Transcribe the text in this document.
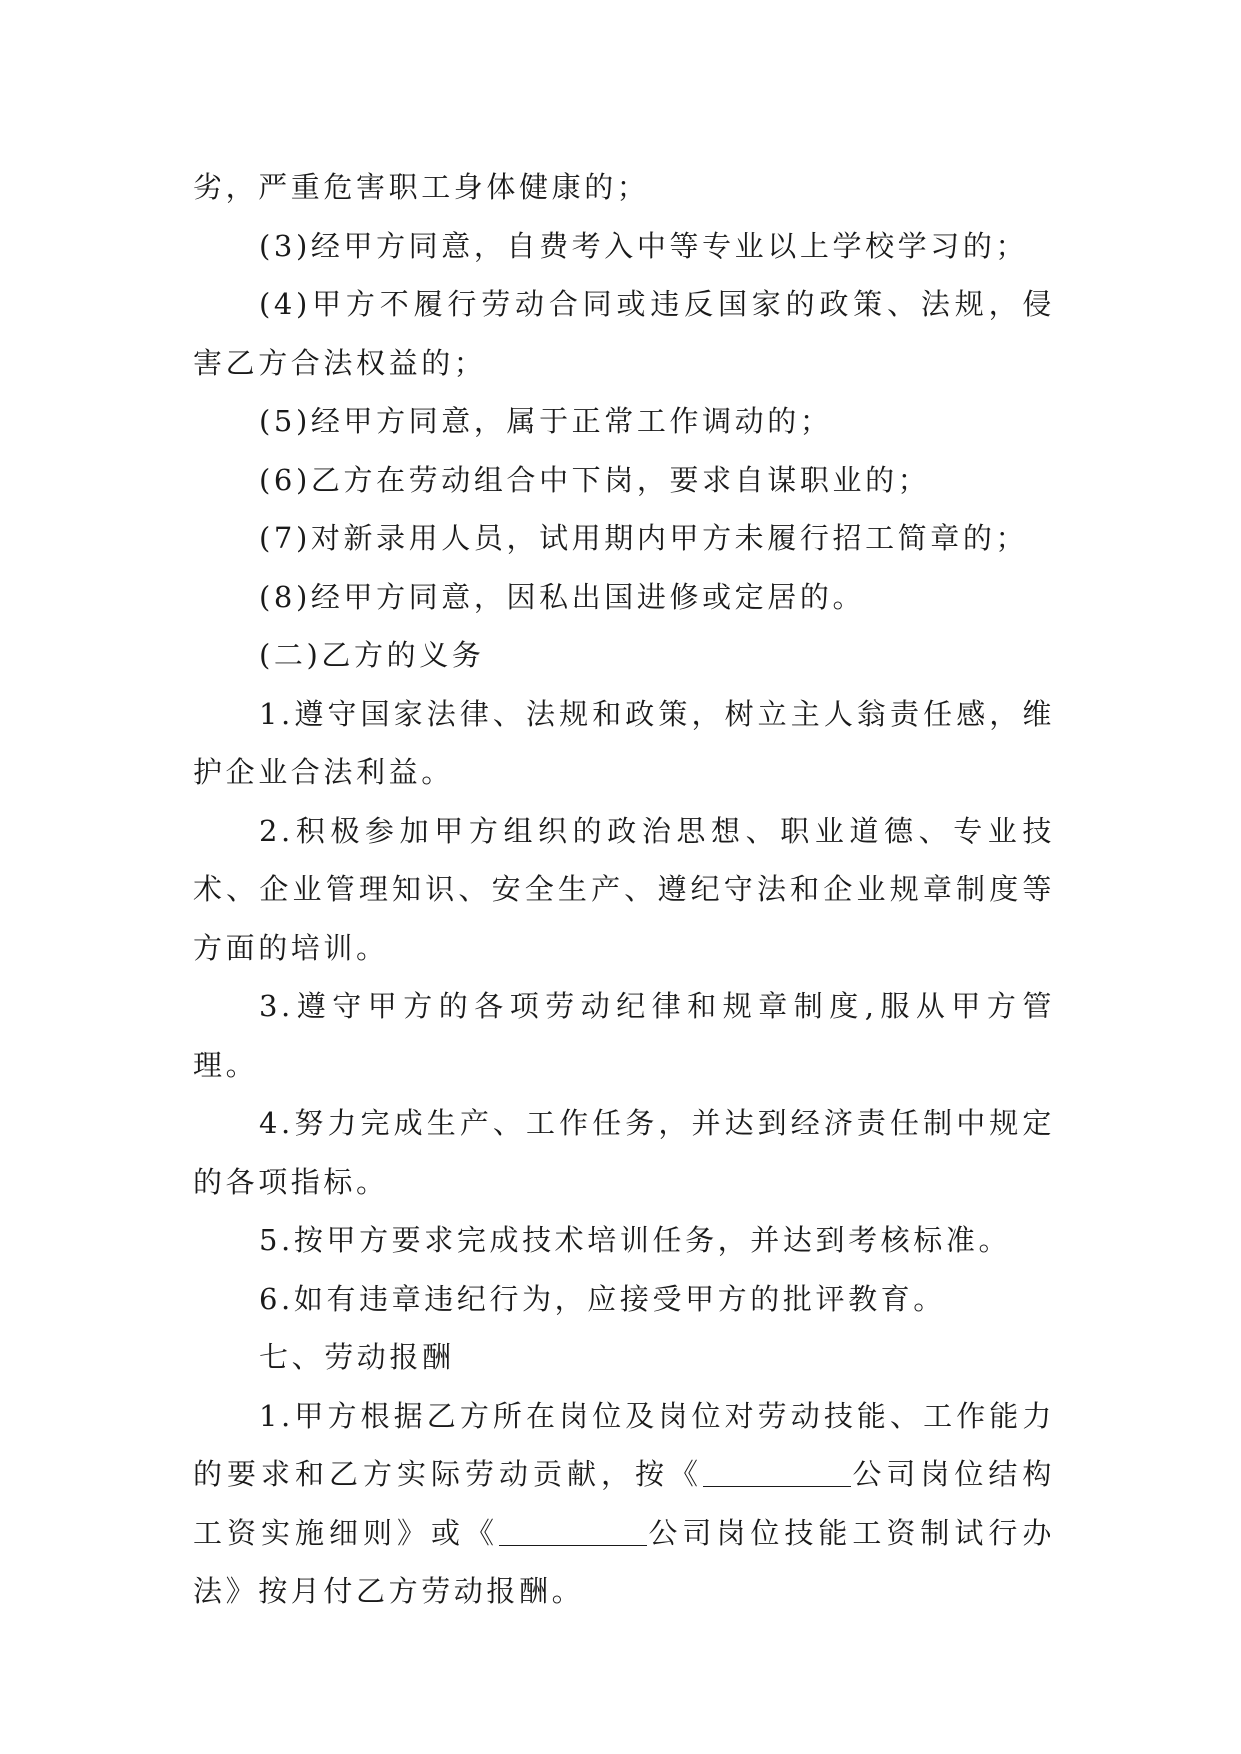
劣，严重危害职工身体健康的；

(3)经甲方同意，自费考入中等专业以上学校学习的；

(4)甲方不履行劳动合同或违反国家的政策、法规，侵害乙方合法权益的；

(5)经甲方同意，属于正常工作调动的；

(6)乙方在劳动组合中下岗，要求自谋职业的；

(7)对新录用人员，试用期内甲方未履行招工简章的；

(8)经甲方同意，因私出国进修或定居的。

(二)乙方的义务

1.遵守国家法律、法规和政策，树立主人翁责任感，维护企业合法利益。

2.积极参加甲方组织的政治思想、职业道德、专业技术、企业管理知识、安全生产、遵纪守法和企业规章制度等方面的培训。

3.遵守甲方的各项劳动纪律和规章制度,服从甲方管理。

4.努力完成生产、工作任务，并达到经济责任制中规定的各项指标。

5.按甲方要求完成技术培训任务，并达到考核标准。

6.如有违章违纪行为，应接受甲方的批评教育。

七、劳动报酬

1.甲方根据乙方所在岗位及岗位对劳动技能、工作能力的要求和乙方实际劳动贡献，按《	公司岗位结构工资实施细则》或《	公司岗位技能工资制试行办法》按月付乙方劳动报酬。
